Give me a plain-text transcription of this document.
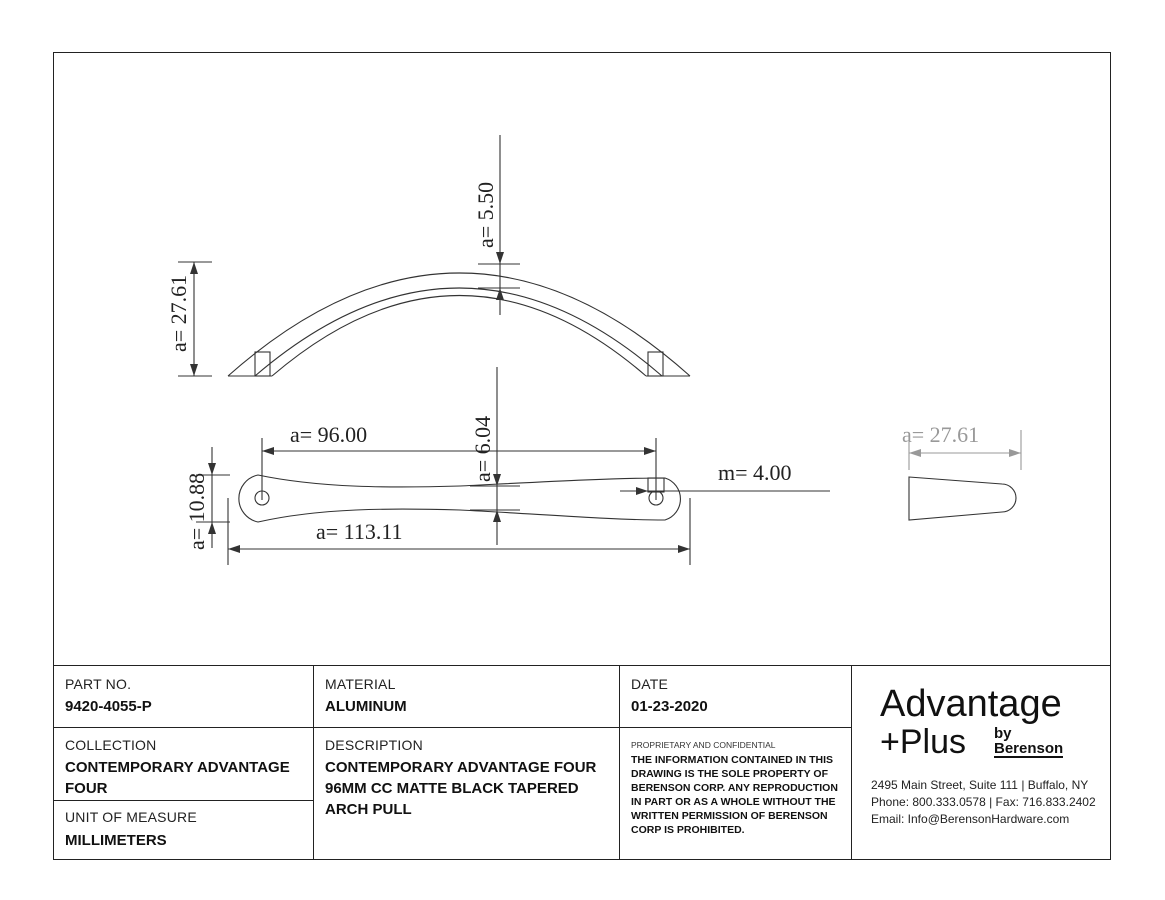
a= 27.61
a= 5.50
a= 96.00	a= 6.04	m= 4.00
a= 10.88	a= 113.11
a= 27.61
PART NO.
9420-4055-P
MATERIAL
ALUMINUM
DATE
01-23-2020
COLLECTION
CONTEMPORARY ADVANTAGE FOUR
DESCRIPTION
CONTEMPORARY ADVANTAGE FOUR 96MM CC MATTE BLACK TAPERED ARCH PULL
UNIT OF MEASURE
MILLIMETERS
PROPRIETARY AND CONFIDENTIAL
THE INFORMATION CONTAINED IN THIS DRAWING IS THE SOLE PROPERTY OF BERENSON CORP. ANY REPRODUCTION IN PART OR AS A WHOLE WITHOUT THE WRITTEN PERMISSION OF BERENSON CORP IS PROHIBITED.
Advantage
+Plus by
Berenson
2495 Main Street, Suite 111 | Buffalo, NY
Phone: 800.333.0578 | Fax: 716.833.2402
Email: Info@BerensonHardware.com
